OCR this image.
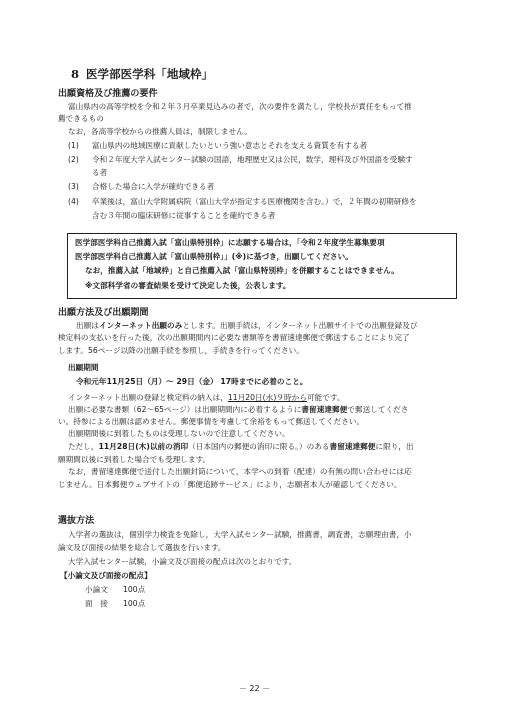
8 医学部医学科「地域枠」
出願資格及び推薦の要件
富山県内の高等学校を令和２年３月卒業見込みの者で，次の要件を満たし，学校長が責任をもって推
薦できるもの
なお，各高等学校からの推薦人員は，制限しません。
(1) 富山県内の地域医療に貢献したいという強い意志とそれを支える資質を有する者
(2) 令和２年度大学入試センター試験の国語，地理歴史又は公民，数学，理科及び外国語を受験す
る者
(3) 合格した場合に入学が確約できる者
(4) 卒業後は，富山大学附属病院（富山大学が指定する医療機関を含む。）で，２年間の初期研修を
含む３年間の臨床研修に従事することを確約できる者
医学部医学科自己推薦入試「富山県特別枠」に志願する場合は，「令和２年度学生募集要項
医学部医学科自己推薦入試「富山県特別枠」」(※)に基づき，出願してください。
なお，推薦入試「地域枠」と自己推薦入試「富山県特別枠」を併願することはできません。
※文部科学省の審査結果を受けて決定した後，公表します。
出願方法及び出願期間
出願はインターネット出願のみとします。出願手続は，インターネット出願サイトでの出願登録及び
検定料の支払いを行った後，次の出願期間内に必要な書類等を書留速達郵便で郵送することにより完了
します。56ページ以降の出願手続を参照し，手続きを行ってください。
出願期間
令和元年11月25日（月）～ 29日（金） 17時までに必着のこと。
インターネット出願の登録と検定料の納入は，11月20日(水)９時から可能です。
出願に必要な書類（62～65ページ）は出願期間内に必着するように書留速達郵便で郵送してくださ
い。持参による出願は認めません。郵便事情を考慮して余裕をもって郵送してください。
出願期間後に到着したものは受理しないので注意してください。
ただし，11月28日(木)以前の消印（日本国内の郵便の消印に限る。）のある書留速達郵便に限り，出
願期間以後に到着した場合でも受理します。
なお，書留速達郵便で送付した出願封筒について，本学への到着（配達）の有無の問い合わせには応
じません。日本郵便ウェブサイトの「郵便追跡サービス」により，志願者本人が確認してください。
選抜方法
入学者の選抜は，個別学力検査を免除し，大学入試センター試験，推薦書，調査書，志願理由書，小
論文及び面接の結果を総合して選抜を行います。
大学入試センター試験，小論文及び面接の配点は次のとおりです。
【小論文及び面接の配点】
小論文 100点
面　接 100点
－ 22 －
